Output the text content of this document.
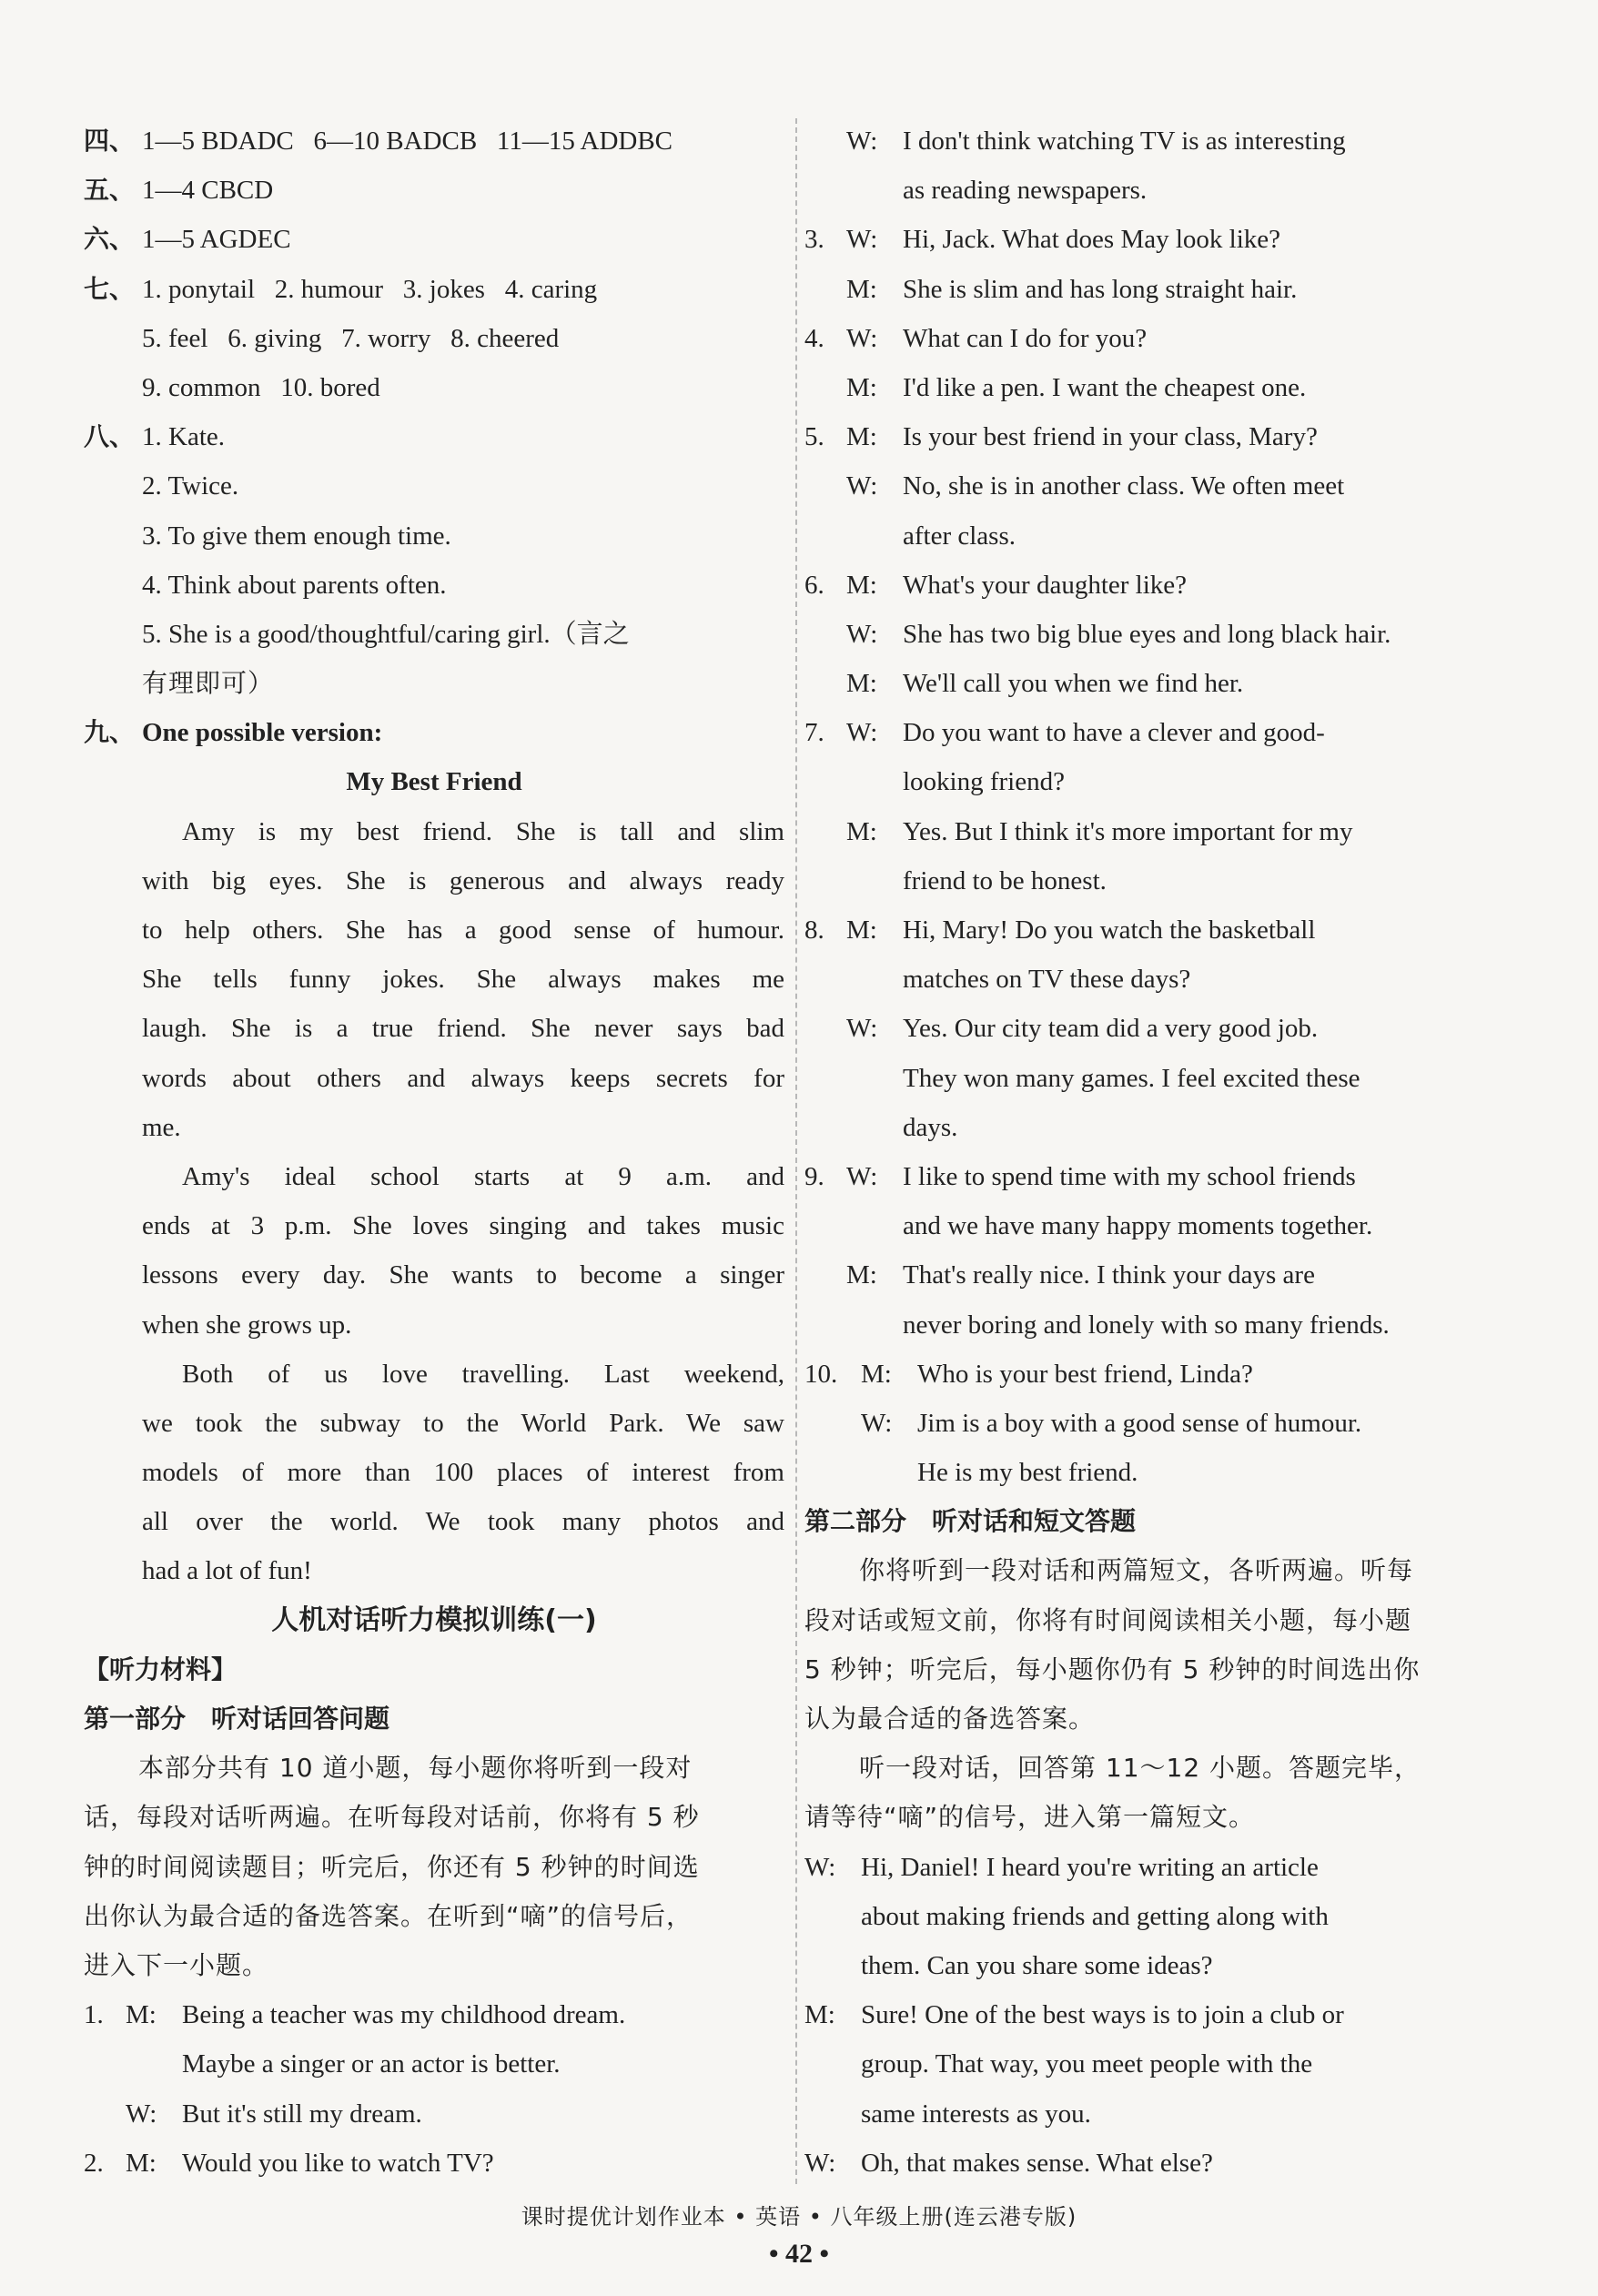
四、 1—5 BDADC   6—10 BADCB   11—15 ADDBC
五、 1—4 CBCD
六、 1—5 AGDEC
七、 1. ponytail   2. humour   3. jokes   4. caring
5. feel   6. giving   7. worry   8. cheered
9. common   10. bored
八、 1. Kate.
2. Twice.
3. To give them enough time.
4. Think about parents often.
5. She is a good/thoughtful/caring girl.（言之
有理即可）
九、 One possible version:
My Best Friend
Amy is my best friend. She is tall and slim
with big eyes. She is generous and always ready
to help others. She has a good sense of humour.
She tells funny jokes. She always makes me
laugh. She is a true friend. She never says bad
words about others and always keeps secrets for
me.
Amy's ideal school starts at 9 a.m. and
ends at 3 p.m. She loves singing and takes music
lessons every day. She wants to become a singer
when she grows up.
Both of us love travelling. Last weekend,
we took the subway to the World Park. We saw
models of more than 100 places of interest from
all over the world. We took many photos and
had a lot of fun!
人机对话听力模拟训练(一)
【听力材料】
第一部分　听对话回答问题
本部分共有 10 道小题，每小题你将听到一段对
话，每段对话听两遍。在听每段对话前，你将有 5 秒
钟的时间阅读题目；听完后，你还有 5 秒钟的时间选
出你认为最合适的备选答案。在听到“嘀”的信号后，
进入下一小题。
1. M: Being a teacher was my childhood dream.
Maybe a singer or an actor is better.
W: But it's still my dream.
2. M: Would you like to watch TV?
W: I don't think watching TV is as interesting
as reading newspapers.
3. W: Hi, Jack. What does May look like?
M: She is slim and has long straight hair.
4. W: What can I do for you?
M: I'd like a pen. I want the cheapest one.
5. M: Is your best friend in your class, Mary?
W: No, she is in another class. We often meet
after class.
6. M: What's your daughter like?
W: She has two big blue eyes and long black hair.
M: We'll call you when we find her.
7. W: Do you want to have a clever and good-
looking friend?
M: Yes. But I think it's more important for my
friend to be honest.
8. M: Hi, Mary! Do you watch the basketball
matches on TV these days?
W: Yes. Our city team did a very good job.
They won many games. I feel excited these
days.
9. W: I like to spend time with my school friends
and we have many happy moments together.
M: That's really nice. I think your days are
never boring and lonely with so many friends.
10. M: Who is your best friend, Linda?
W: Jim is a boy with a good sense of humour.
He is my best friend.
第二部分　听对话和短文答题
你将听到一段对话和两篇短文，各听两遍。听每
段对话或短文前，你将有时间阅读相关小题，每小题
5 秒钟；听完后，每小题你仍有 5 秒钟的时间选出你
认为最合适的备选答案。
听一段对话，回答第 11～12 小题。答题完毕，
请等待“嘀”的信号，进入第一篇短文。
W: Hi, Daniel! I heard you're writing an article
about making friends and getting along with
them. Can you share some ideas?
M: Sure! One of the best ways is to join a club or
group. That way, you meet people with the
same interests as you.
W: Oh, that makes sense. What else?
课时提优计划作业本 • 英语 • 八年级上册(连云港专版)
• 42 •
